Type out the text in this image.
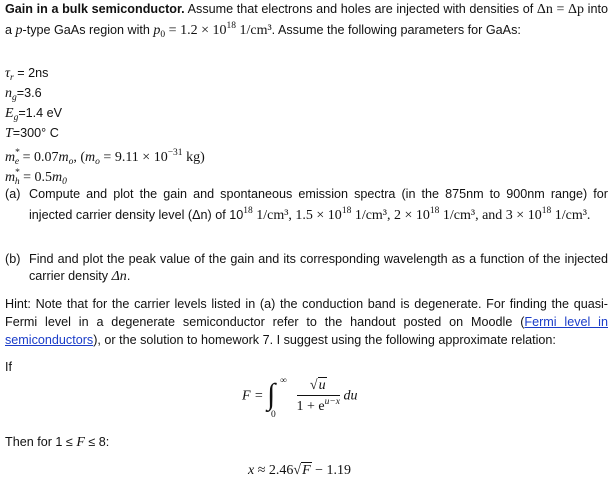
Gain in a bulk semiconductor. Assume that electrons and holes are injected with densities of Δn = Δp into a p-type GaAs region with $p_0 = 1.2 \times 10^{18}$ 1/cm³. Assume the following parameters for GaAs:

$\tau_r = 2ns$
$n_g=3.6$
$E_g=1.4$ eV
T=300° C
$m^*_e = 0.07m_o$, ($m_o = 9.11 \times 10^{-31}$ kg)
$m^*_h = 0.5m_0$
(a) Compute and plot the gain and spontaneous emission spectra (in the 875nm to 900nm range) for injected carrier density level (Δn) of $10^{18}$ 1/cm³, $1.5 \times 10^{18}$ 1/cm³, $2 \times 10^{18}$ 1/cm³, and $3 \times 10^{18}$ 1/cm³.
(b) Find and plot the peak value of the gain and its corresponding wavelength as a function of the injected carrier density Δn.

Hint: Note that for the carrier levels listed in (a) the conduction band is degenerate. For finding the quasi-Fermi level in a degenerate semiconductor refer to the handout posted on Moodle (Fermi level in semiconductors), or the solution to homework 7. I suggest using the following approximate relation:

If
F = ∫ ∞
0
$\frac{√u}{1 + e^{u-x}}$ du
Then for 1 ≤ F ≤ 8:
x ≈ 2.46√F − 1.19
